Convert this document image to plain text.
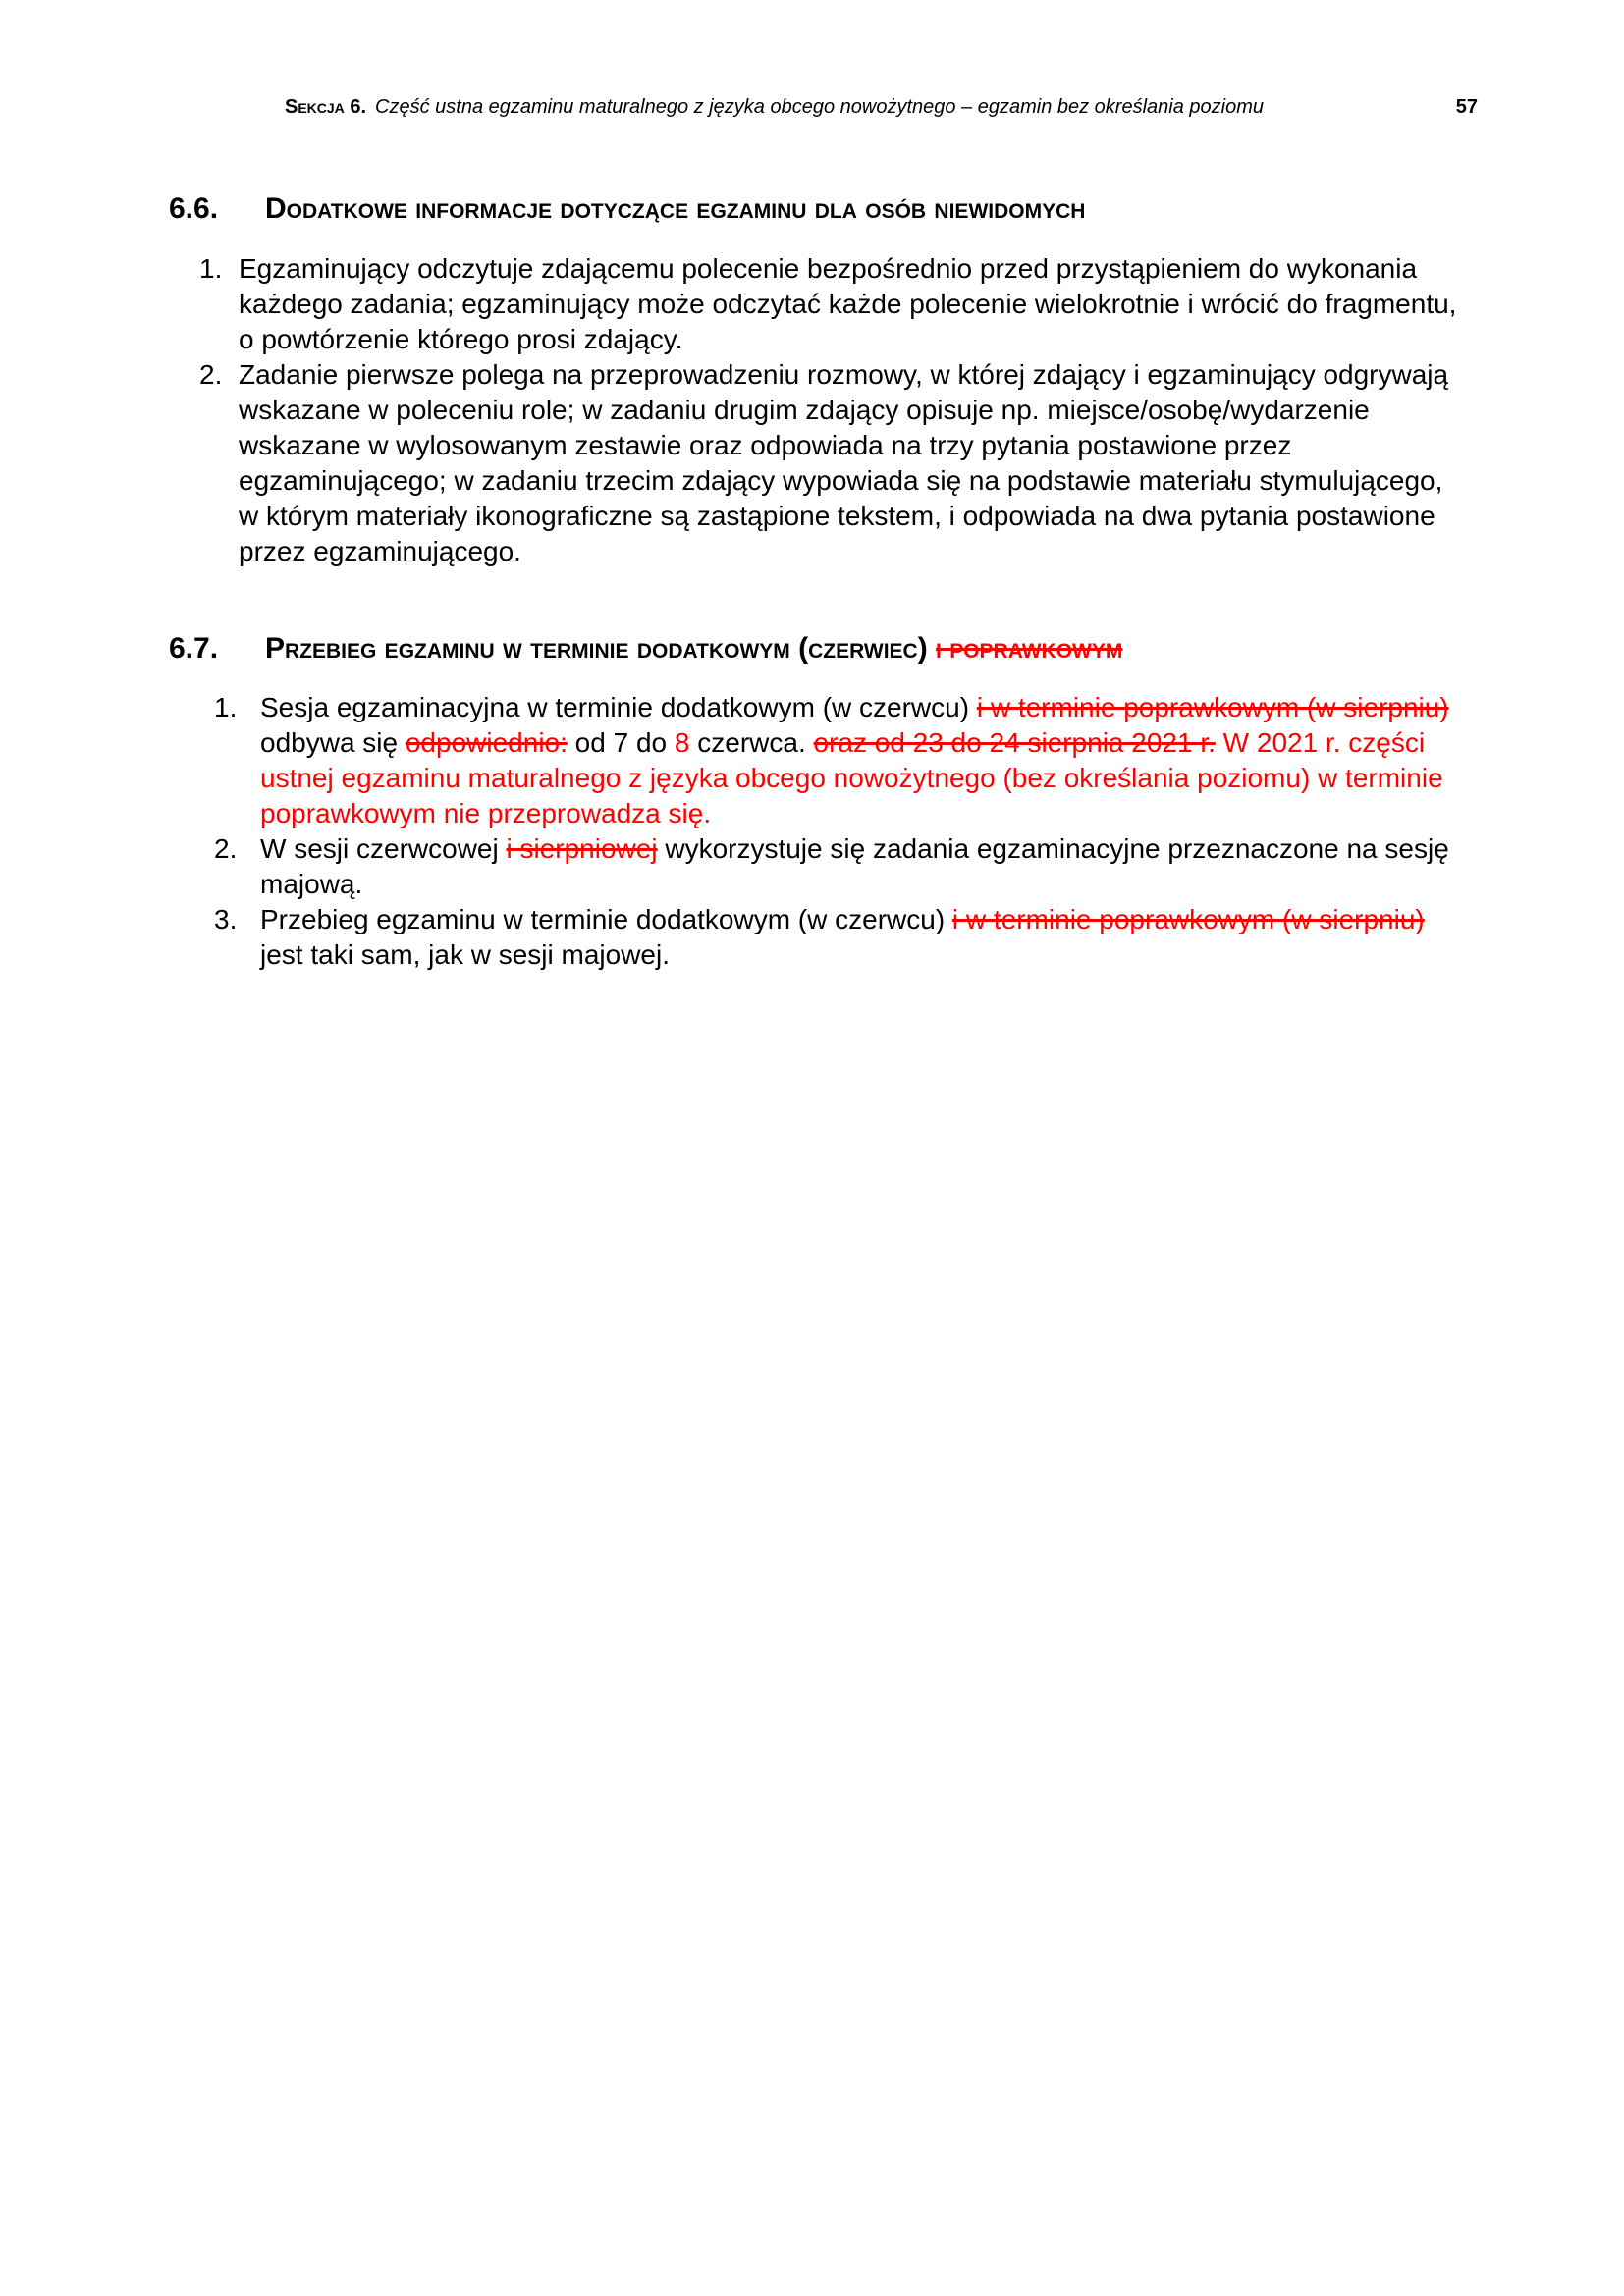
Sekcja 6. Część ustna egzaminu maturalnego z języka obcego nowożytnego – egzamin bez określania poziomu	57
6.6.	Dodatkowe informacje dotyczące egzaminu dla osób niewidomych
1. Egzaminujący odczytuje zdającemu polecenie bezpośrednio przed przystąpieniem do wykonania każdego zadania; egzaminujący może odczytać każde polecenie wielokrotnie i wrócić do fragmentu, o powtórzenie którego prosi zdający.
2. Zadanie pierwsze polega na przeprowadzeniu rozmowy, w której zdający i egzaminujący odgrywają wskazane w poleceniu role; w zadaniu drugim zdający opisuje np. miejsce/osobę/wydarzenie wskazane w wylosowanym zestawie oraz odpowiada na trzy pytania postawione przez egzaminującego; w zadaniu trzecim zdający wypowiada się na podstawie materiału stymulującego, w którym materiały ikonograficzne są zastąpione tekstem, i odpowiada na dwa pytania postawione przez egzaminującego.
6.7.	Przebieg egzaminu w terminie dodatkowym (czerwiec) i poprawkowym
1. Sesja egzaminacyjna w terminie dodatkowym (w czerwcu) i w terminie poprawkowym (w sierpniu) odbywa się odpowiednio: od 7 do 8 czerwca. oraz od 23 do 24 sierpnia 2021 r. W 2021 r. części ustnej egzaminu maturalnego z języka obcego nowożytnego (bez określania poziomu) w terminie poprawkowym nie przeprowadza się.
2. W sesji czerwcowej i sierpniowej wykorzystuje się zadania egzaminacyjne przeznaczone na sesję majową.
3. Przebieg egzaminu w terminie dodatkowym (w czerwcu) i w terminie poprawkowym (w sierpniu) jest taki sam, jak w sesji majowej.
